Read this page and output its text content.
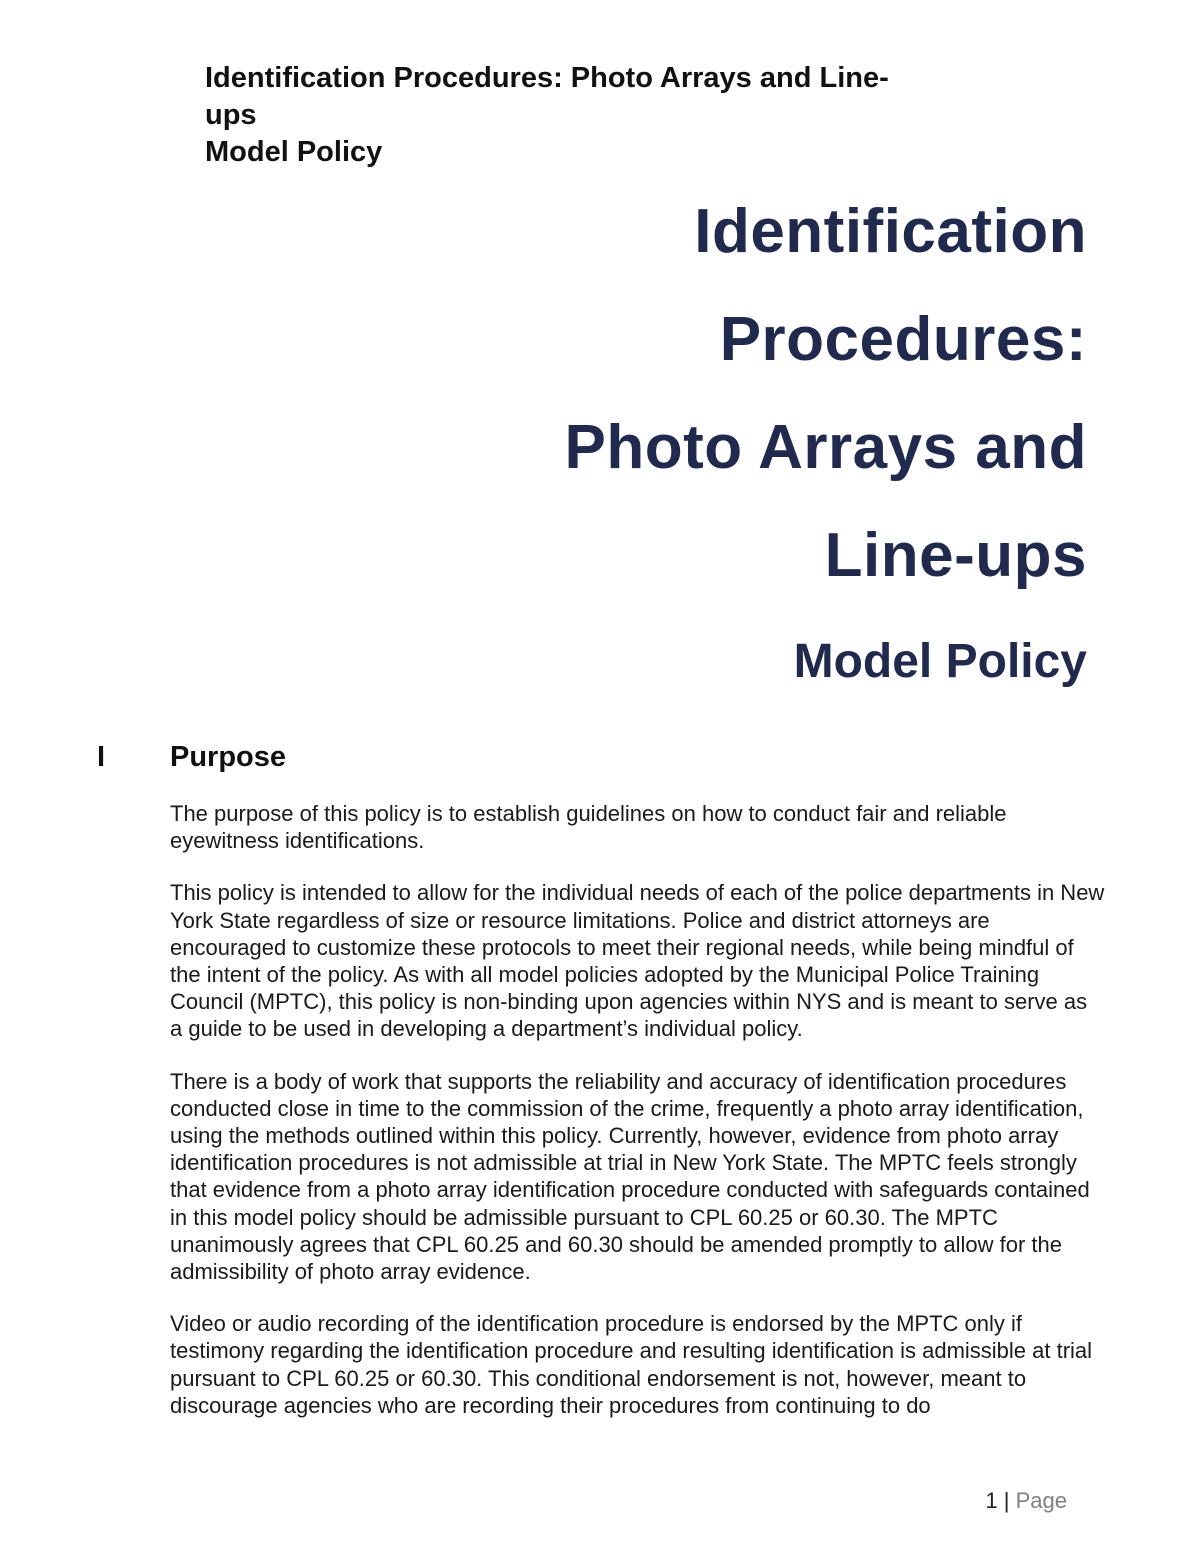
Identification Procedures: Photo Arrays and Line-
ups
Model Policy
Identification
Procedures:
Photo Arrays and
Line-ups
Model Policy
I Purpose

The purpose of this policy is to establish guidelines on how to conduct fair and reliable eyewitness identifications.

This policy is intended to allow for the individual needs of each of the police departments in New York State regardless of size or resource limitations. Police and district attorneys are encouraged to customize these protocols to meet their regional needs, while being mindful of the intent of the policy. As with all model policies adopted by the Municipal Police Training Council (MPTC), this policy is non-binding upon agencies within NYS and is meant to serve as a guide to be used in developing a department’s individual policy.

There is a body of work that supports the reliability and accuracy of identification procedures conducted close in time to the commission of the crime, frequently a photo array identification, using the methods outlined within this policy. Currently, however, evidence from photo array identification procedures is not admissible at trial in New York State. The MPTC feels strongly that evidence from a photo array identification procedure conducted with safeguards contained in this model policy should be admissible pursuant to CPL 60.25 or 60.30. The MPTC unanimously agrees that CPL 60.25 and 60.30 should be amended promptly to allow for the admissibility of photo array evidence.

Video or audio recording of the identification procedure is endorsed by the MPTC only if testimony regarding the identification procedure and resulting identification is admissible at trial pursuant to CPL 60.25 or 60.30. This conditional endorsement is not, however, meant to discourage agencies who are recording their procedures from continuing to do

1 | Page
